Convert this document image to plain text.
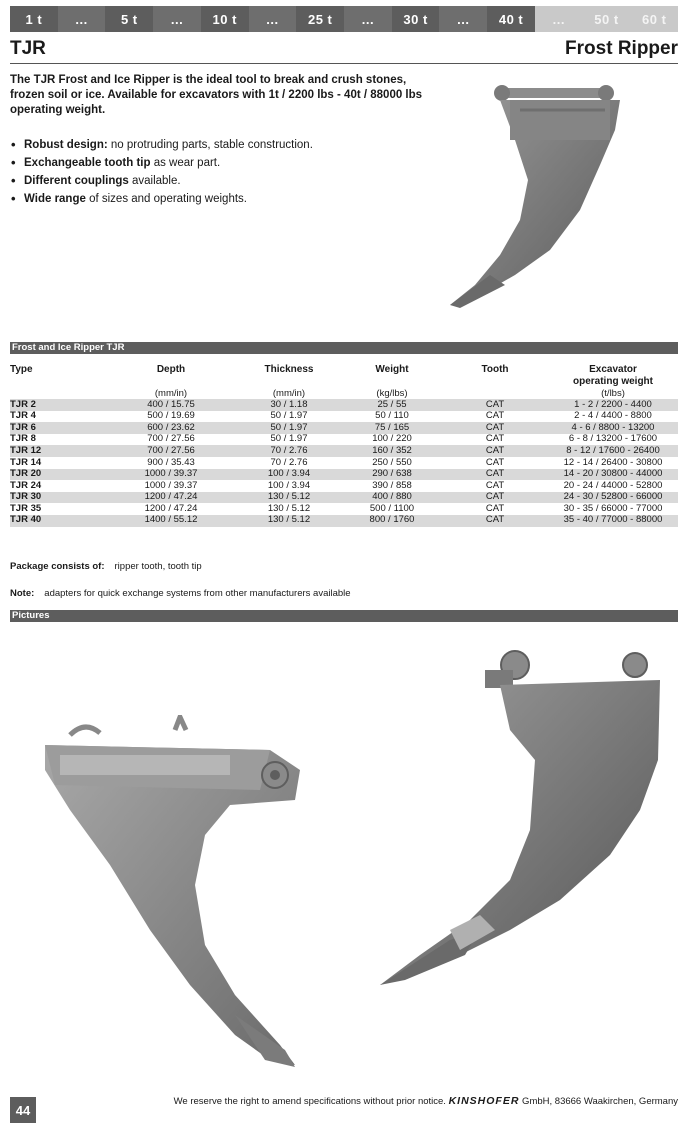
1 t	...	5 t	...	10 t	...	25 t	...	30 t	...	40 t	...	50 t	60 t
TJR	Frost Ripper

The TJR Frost and Ice Ripper is the ideal tool to break and crush stones, frozen soil or ice. Available for excavators with 1t / 2200 lbs - 40t / 88000 lbs operating weight.

• Robust design: no protruding parts, stable construction.
• Exchangeable tooth tip as wear part.
• Different couplings available.
• Wide range of sizes and operating weights.
Frost and Ice Ripper TJR
Type	Depth	Thickness	Weight	Tooth	Excavator operating weight
	(mm/in)	(mm/in)	(kg/lbs)		(t/lbs)
TJR 2	400 / 15.75	30 / 1.18	25 / 55	CAT	1 - 2 / 2200 - 4400
TJR 4	500 / 19.69	50 / 1.97	50 / 110	CAT	2 - 4 / 4400 - 8800
TJR 6	600 / 23.62	50 / 1.97	75 / 165	CAT	4 - 6 / 8800 - 13200
TJR 8	700 / 27.56	50 / 1.97	100 / 220	CAT	6 - 8 / 13200 - 17600
TJR 12	700 / 27.56	70 / 2.76	160 / 352	CAT	8 - 12 / 17600 - 26400
TJR 14	900 / 35.43	70 / 2.76	250 / 550	CAT	12 - 14 / 26400 - 30800
TJR 20	1000 / 39.37	100 / 3.94	290 / 638	CAT	14 - 20 / 30800 - 44000
TJR 24	1000 / 39.37	100 / 3.94	390 / 858	CAT	20 - 24 / 44000 - 52800
TJR 30	1200 / 47.24	130 / 5.12	400 / 880	CAT	24 - 30 / 52800 - 66000
TJR 35	1200 / 47.24	130 / 5.12	500 / 1100	CAT	30 - 35 / 66000 - 77000
TJR 40	1400 / 55.12	130 / 5.12	800 / 1760	CAT	35 - 40 / 77000 - 88000
Package consists of: ripper tooth, tooth tip
Note: adapters for quick exchange systems from other manufacturers available
Pictures
44
We reserve the right to amend specifications without prior notice. KINSHOFER GmbH, 83666 Waakirchen, Germany
